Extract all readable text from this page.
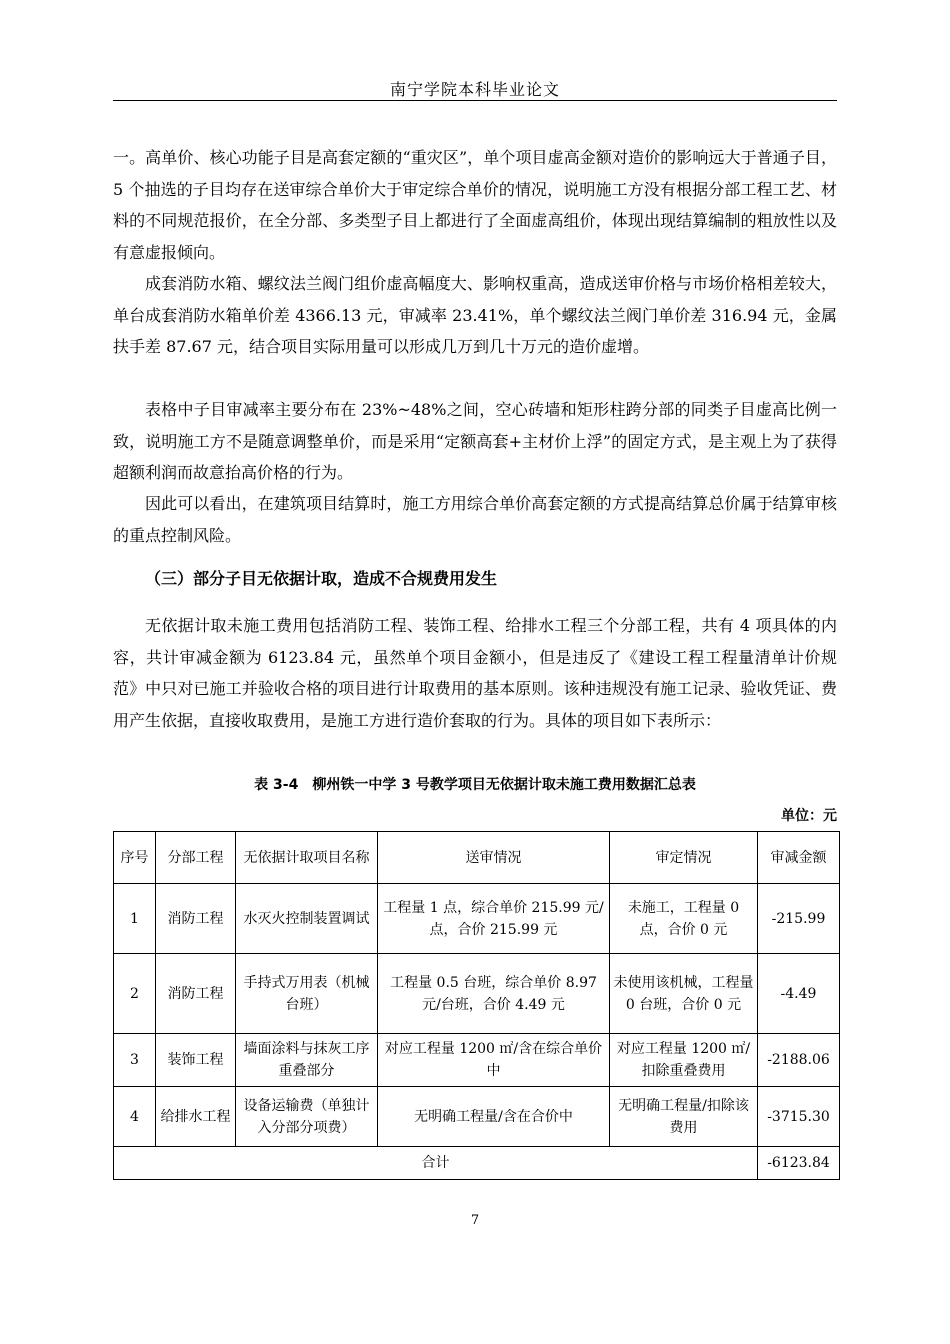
南宁学院本科毕业论文

一。高单价、核心功能子目是高套定额的“重灾区”，单个项目虚高金额对造价的影响远大于普通子目，5 个抽选的子目均存在送审综合单价大于审定综合单价的情况，说明施工方没有根据分部工程工艺、材料的不同规范报价，在全分部、多类型子目上都进行了全面虚高组价，体现出现结算编制的粗放性以及有意虚报倾向。

成套消防水箱、螺纹法兰阀门组价虚高幅度大、影响权重高，造成送审价格与市场价格相差较大，单台成套消防水箱单价差 4366.13 元，审减率 23.41%，单个螺纹法兰阀门单价差 316.94 元，金属扶手差 87.67 元，结合项目实际用量可以形成几万到几十万元的造价虚增。

表格中子目审减率主要分布在 23%~48%之间，空心砖墙和矩形柱跨分部的同类子目虚高比例一致，说明施工方不是随意调整单价，而是采用“定额高套+主材价上浮”的固定方式，是主观上为了获得超额利润而故意抬高价格的行为。

因此可以看出，在建筑项目结算时，施工方用综合单价高套定额的方式提高结算总价属于结算审核的重点控制风险。

（三）部分子目无依据计取，造成不合规费用发生

无依据计取未施工费用包括消防工程、装饰工程、给排水工程三个分部工程，共有 4 项具体的内容，共计审减金额为 6123.84 元，虽然单个项目金额小，但是违反了《建设工程工程量清单计价规范》中只对已施工并验收合格的项目进行计取费用的基本原则。该种违规没有施工记录、验收凭证、费用产生依据，直接收取费用，是施工方进行造价套取的行为。具体的项目如下表所示：

表 3-4　柳州铁一中学 3 号教学项目无依据计取未施工费用数据汇总表

单位：元

序号	分部工程	无依据计取项目名称	送审情况	审定情况	审减金额
1	消防工程	水灭火控制装置调试	工程量 1 点，综合单价 215.99 元/点，合价 215.99 元	未施工，工程量 0 点，合价 0 元	-215.99
2	消防工程	手持式万用表（机械台班）	工程量 0.5 台班，综合单价 8.97 元/台班，合价 4.49 元	未使用该机械，工程量 0 台班，合价 0 元	-4.49
3	装饰工程	墙面涂料与抹灰工序重叠部分	对应工程量 1200 ㎡/含在综合单价中	对应工程量 1200 ㎡/扣除重叠费用	-2188.06
4	给排水工程	设备运输费（单独计入分部分项费）	无明确工程量/含在合价中	无明确工程量/扣除该费用	-3715.30
合计					-6123.84
7
